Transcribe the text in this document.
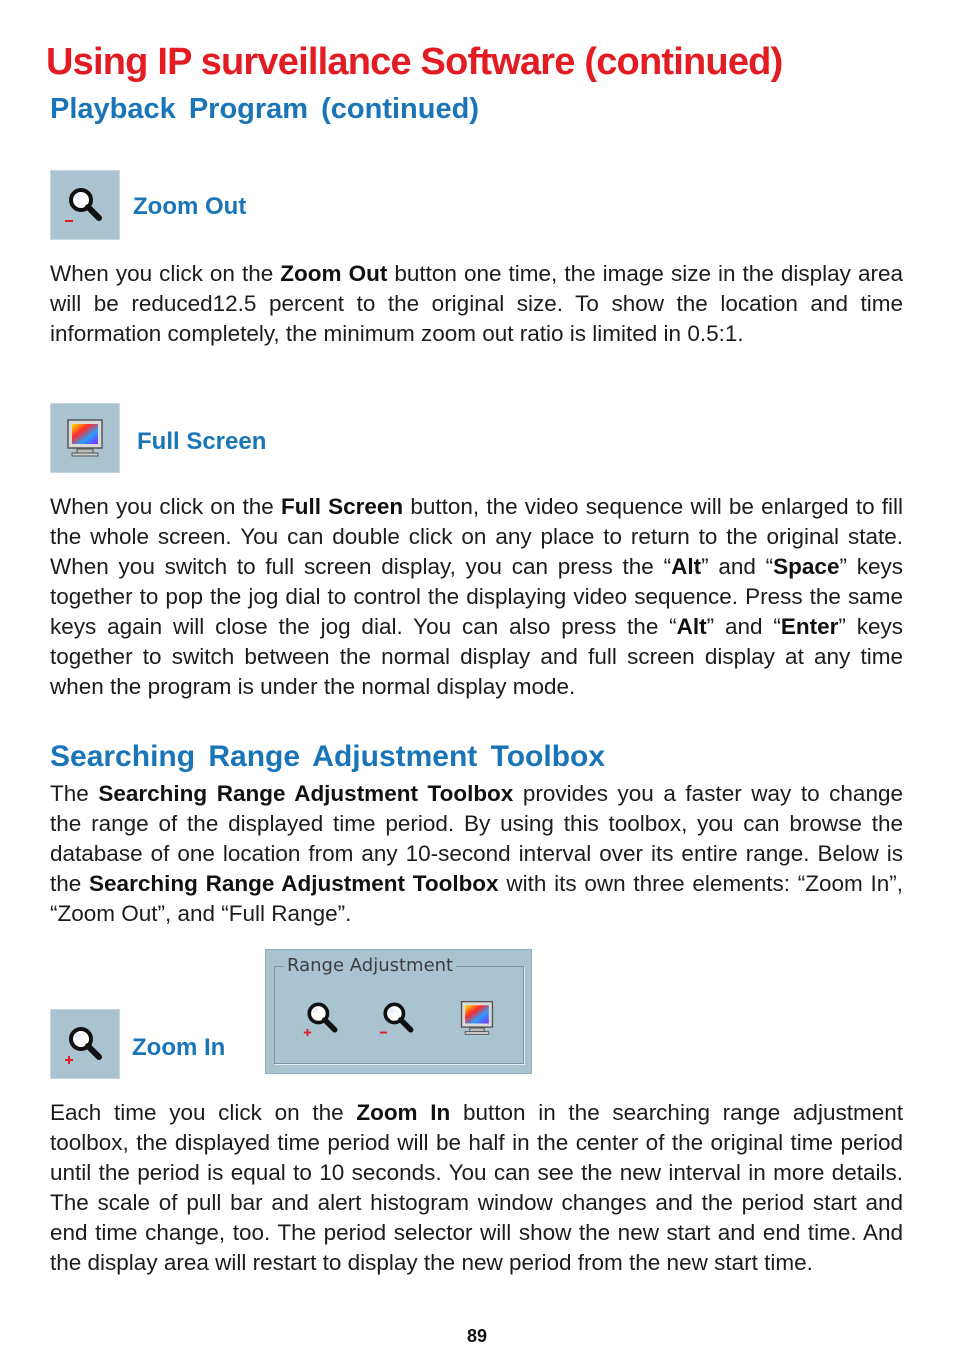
Using IP surveillance Software (continued)
Playback Program (continued)
Zoom Out

When you click on the Zoom Out button one time, the image size in the display area will be reduced12.5 percent to the original size. To show the location and time information completely, the minimum zoom out ratio is limited in 0.5:1.

Full Screen

When you click on the Full Screen button, the video sequence will be enlarged to fill the whole screen. You can double click on any place to return to the original state. When you switch to full screen display, you can press the “Alt” and “Space” keys together to pop the jog dial to control the displaying video sequence. Press the same keys again will close the jog dial. You can also press the “Alt” and “Enter” keys together to switch between the normal display and full screen display at any time when the program is under the normal display mode.

Searching Range Adjustment Toolbox

The Searching Range Adjustment Toolbox provides you a faster way to change the range of the displayed time period. By using this toolbox, you can browse the database of one location from any 10-second interval over its entire range. Below is the Searching Range Adjustment Toolbox with its own three elements: “Zoom In”, “Zoom Out”, and “Full Range”.

Range Adjustment
Zoom In

Each time you click on the Zoom In button in the searching range adjustment toolbox, the displayed time period will be half in the center of the original time period until the period is equal to 10 seconds. You can see the new interval in more details. The scale of pull bar and alert histogram window changes and the period start and end time change, too. The period selector will show the new start and end time. And the display area will restart to display the new period from the new start time.

89
